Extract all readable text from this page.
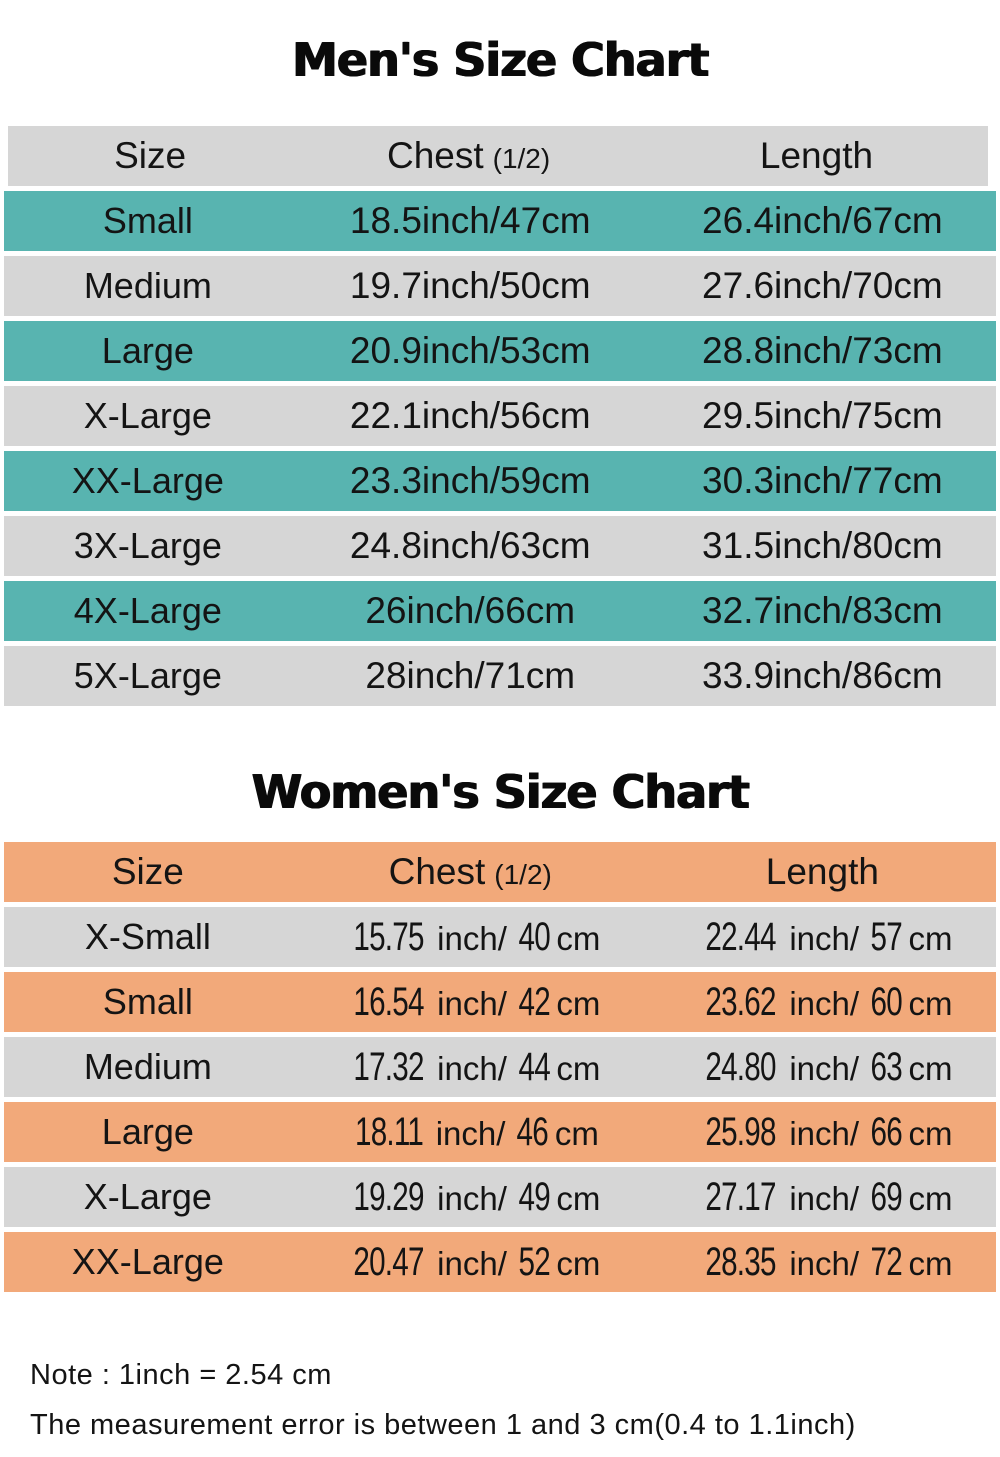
Men's Size Chart
Size	Chest (1/2)	Length
Small	18.5inch/47cm	26.4inch/67cm
Medium	19.7inch/50cm	27.6inch/70cm
Large	20.9inch/53cm	28.8inch/73cm
X-Large	22.1inch/56cm	29.5inch/75cm
XX-Large	23.3inch/59cm	30.3inch/77cm
3X-Large	24.8inch/63cm	31.5inch/80cm
4X-Large	26inch/66cm	32.7inch/83cm
5X-Large	28inch/71cm	33.9inch/86cm
Women's Size Chart
Size	Chest (1/2)	Length
X-Small	15.75 inch/ 40 cm	22.44 inch/ 57 cm
Small	16.54 inch/ 42 cm	23.62 inch/ 60 cm
Medium	17.32 inch/ 44 cm	24.80 inch/ 63 cm
Large	18.11 inch/ 46 cm	25.98 inch/ 66 cm
X-Large	19.29 inch/ 49 cm	27.17 inch/ 69 cm
XX-Large	20.47 inch/ 52 cm	28.35 inch/ 72 cm

Note : 1inch = 2.54 cm

The measurement error is between 1 and 3 cm(0.4 to 1.1inch)
